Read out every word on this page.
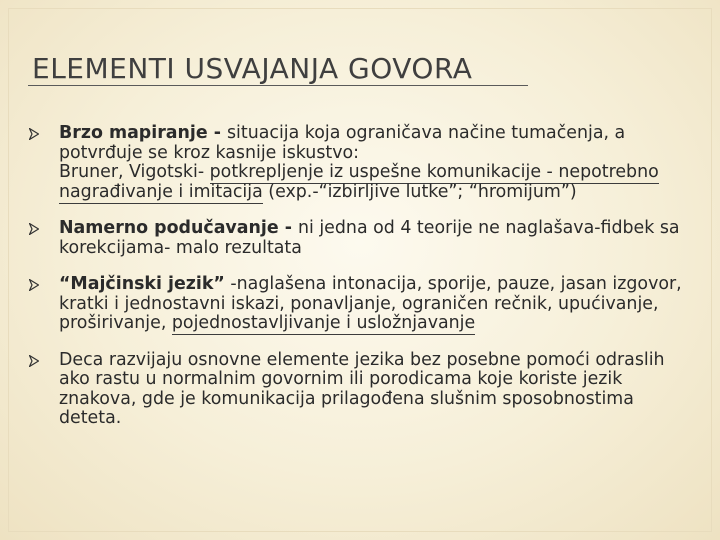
ELEMENTI USVAJANJA GOVORA
Brzo mapiranje - situacija koja ograničava načine tumačenja, a potvrđuje se kroz kasnije iskustvo:
Bruner, Vigotski- potkrepljenje iz uspešne komunikacije - nepotrebno nagrađivanje i imitacija (exp.-“izbirljive lutke”; “hromijum”)
Namerno podučavanje - ni jedna od 4 teorije ne naglašava-fidbek sa korekcijama- malo rezultata
“Majčinski jezik” -naglašena intonacija, sporije, pauze, jasan izgovor, kratki i jednostavni iskazi, ponavljanje, ograničen rečnik, upućivanje, proširivanje, pojednostavljivanje i usložnjavanje
Deca razvijaju osnovne elemente jezika bez posebne pomoći odraslih ako rastu u normalnim govornim ili porodicama koje koriste jezik znakova, gde je komunikacija prilagođena slušnim sposobnostima deteta.
